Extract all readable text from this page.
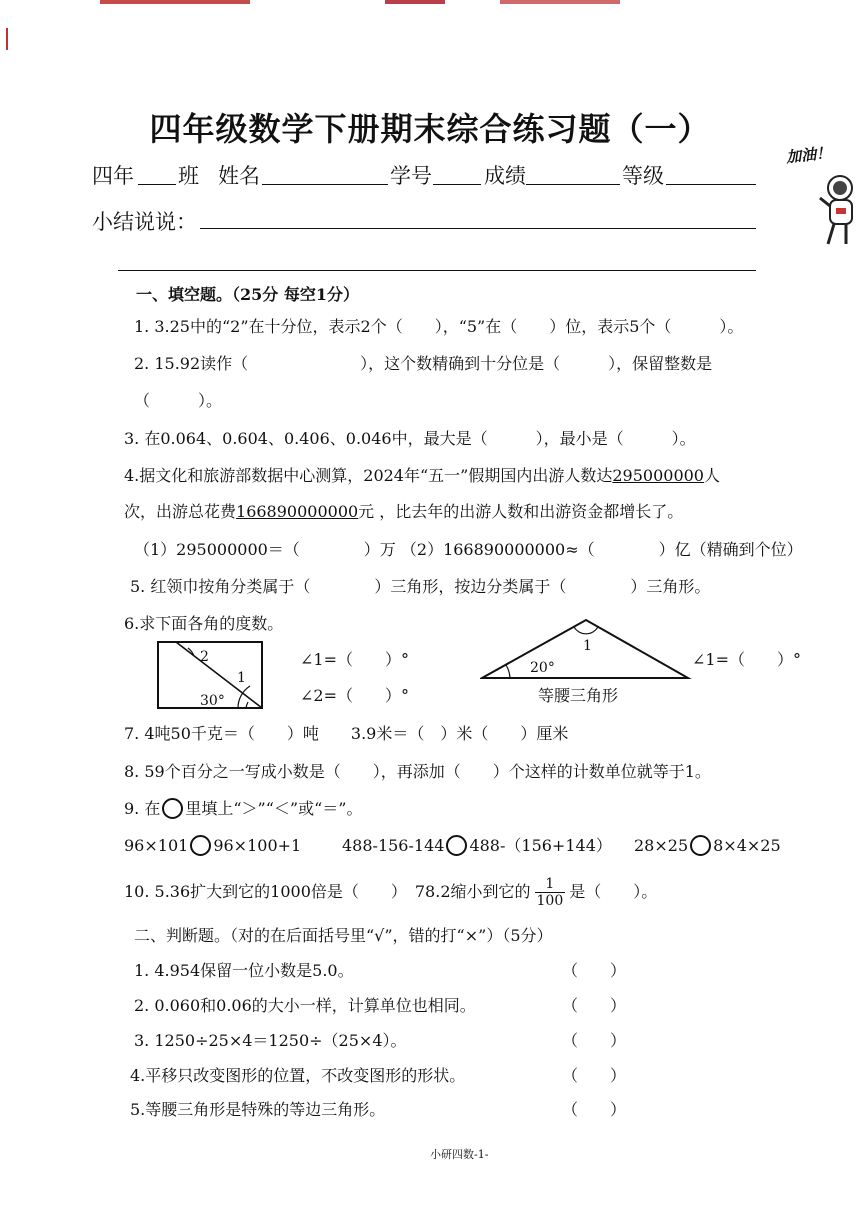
四年级数学下册期末综合练习题（一）
四年 班 姓名	学号 成绩	等级
小结说说：
加油！
一、填空题。（25分 每空1分）
1. 3.25中的“2”在十分位，表示2个（　　），“5”在（　　）位，表示5个（　　　）。
2. 15.92读作（　　　　　　　），这个数精确到十分位是（　　　），保留整数是
（　　　）。
3. 在0.064、0.604、0.406、0.046中，最大是（　　　），最小是（　　　）。
4.据文化和旅游部数据中心测算，2024年“五一”假期国内出游人数达295000000人
次，出游总花费166890000000元 ，比去年的出游人数和出游资金都增长了。
（1）295000000＝（　　　　）万 （2）166890000000≈（　　　　）亿（精确到个位）
5. 红领巾按角分类属于（　　　　）三角形，按边分类属于（　　　　）三角形。
6.求下面各角的度数。
2
1
30°
∠1=（　　）°
∠2=（　　）°
1
20°
等腰三角形
∠1=（　　）°
7. 4吨50千克＝（　　）吨　　3.9米＝（　）米（　　）厘米
8. 59个百分之一写成小数是（　　），再添加（　　）个这样的计数单位就等于1。
9. 在 里填上“＞”“＜”或“＝”。
96×101 96×100+1	488-156-144 488-（156+144） 28×25 8×4×25
10. 5.36扩大到它的1000倍是（　　）　78.2缩小到它的 $\frac{1}{100}$ 是（　　）。
二、判断题。（对的在后面括号里“√”，错的打“×”）（5分）
1. 4.954保留一位小数是5.0。	（　　）
2. 0.060和0.06的大小一样，计算单位也相同。	（　　）
3. 1250÷25×4＝1250÷（25×4）。	（　　）
4.平移只改变图形的位置，不改变图形的形状。	（　　）
5.等腰三角形是特殊的等边三角形。	（　　）
小研四数-1-
